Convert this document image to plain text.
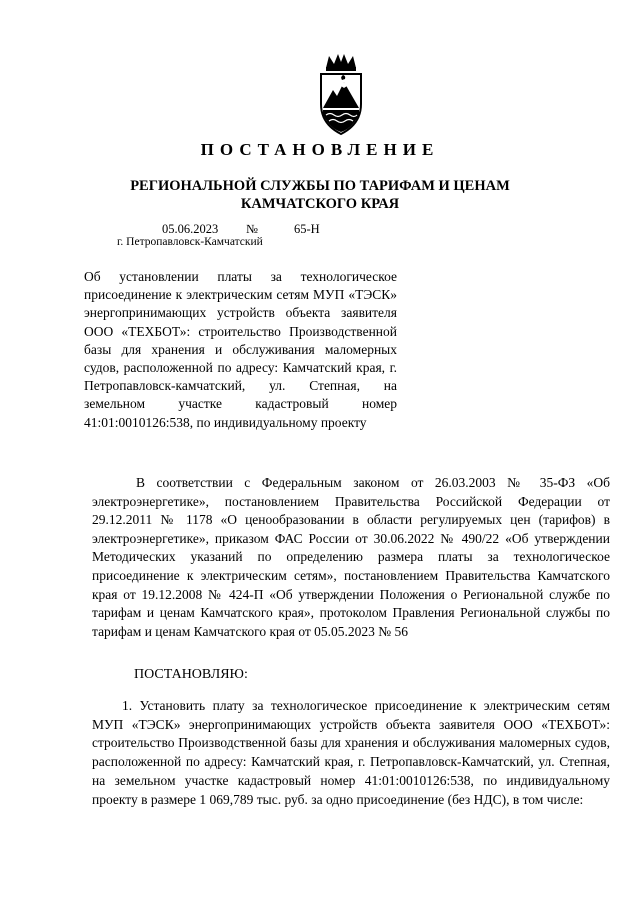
ПОСТАНОВЛЕНИЕ
РЕГИОНАЛЬНОЙ СЛУЖБЫ ПО ТАРИФАМ И ЦЕНАМ КАМЧАТСКОГО КРАЯ
05.06.2023 №	65-Н
г. Петропавловск-Камчатский
Об установлении платы за технологическое присоединение к электрическим сетям МУП «ТЭСК» энергопринимающих устройств объекта заявителя ООО «ТЕХБОТ»: строительство Производственной базы для хранения и обслуживания маломерных судов, расположенной по адресу: Камчатский края, г. Петропавловск-камчатский, ул. Степная, на земельном участке кадастровый номер 41:01:0010126:538, по индивидуальному проекту
В соответствии с Федеральным законом от 26.03.2003 № 35-ФЗ «Об электроэнергетике», постановлением Правительства Российской Федерации от 29.12.2011 № 1178 «О ценообразовании в области регулируемых цен (тарифов) в электроэнергетике», приказом ФАС России от 30.06.2022 № 490/22 «Об утверждении Методических указаний по определению размера платы за технологическое присоединение к электрическим сетям», постановлением Правительства Камчатского края от 19.12.2008 № 424-П «Об утверждении Положения о Региональной службе по тарифам и ценам Камчатского края», протоколом Правления Региональной службы по тарифам и ценам Камчатского края от 05.05.2023 № 56
ПОСТАНОВЛЯЮ:
1. Установить плату за технологическое присоединение к электрическим сетям МУП «ТЭСК» энергопринимающих устройств объекта заявителя ООО «ТЕХБОТ»: строительство Производственной базы для хранения и обслуживания маломерных судов, расположенной по адресу: Камчатский края, г. Петропавловск-Камчатский, ул. Степная, на земельном участке кадастровый номер 41:01:0010126:538, по индивидуальному проекту в размере 1 069,789 тыс. руб. за одно присоединение (без НДС), в том числе:
